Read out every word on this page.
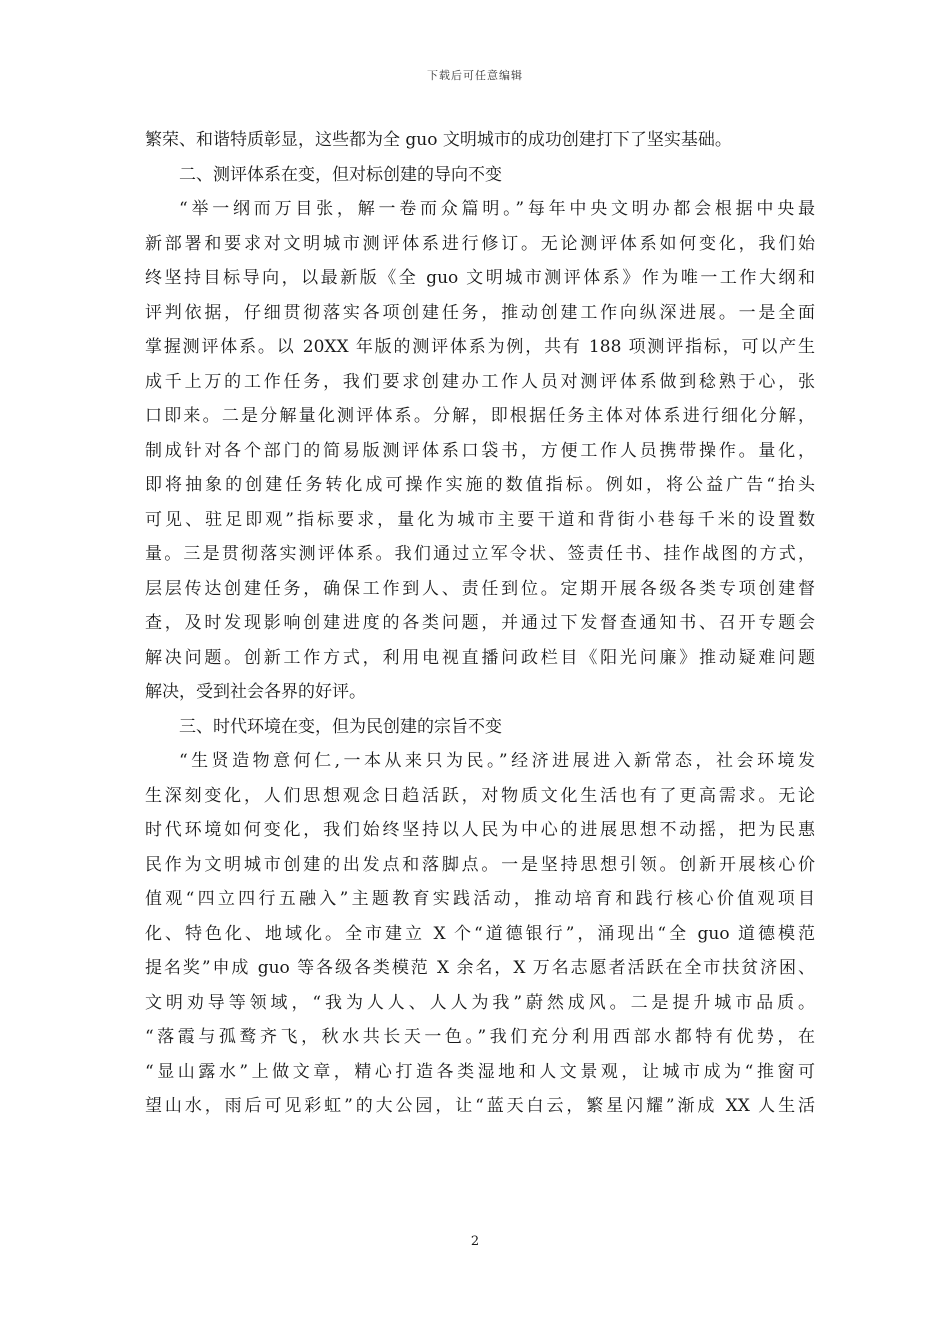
下载后可任意编辑
繁荣、和谐特质彰显，这些都为全 guo 文明城市的成功创建打下了坚实基础。
二、测评体系在变，但对标创建的导向不变
“举一纲而万目张，解一卷而众篇明。”每年中央文明办都会根据中央最
新部署和要求对文明城市测评体系进行修订。无论测评体系如何变化，我们始
终坚持目标导向，以最新版《全 guo 文明城市测评体系》作为唯一工作大纲和
评判依据，仔细贯彻落实各项创建任务，推动创建工作向纵深进展。一是全面
掌握测评体系。以 20XX 年版的测评体系为例，共有 188 项测评指标，可以产生
成千上万的工作任务，我们要求创建办工作人员对测评体系做到稔熟于心，张
口即来。二是分解量化测评体系。分解，即根据任务主体对体系进行细化分解，
制成针对各个部门的简易版测评体系口袋书，方便工作人员携带操作。量化，
即将抽象的创建任务转化成可操作实施的数值指标。例如，将公益广告“抬头
可见、驻足即观”指标要求，量化为城市主要干道和背街小巷每千米的设置数
量。三是贯彻落实测评体系。我们通过立军令状、签责任书、挂作战图的方式，
层层传达创建任务，确保工作到人、责任到位。定期开展各级各类专项创建督
查，及时发现影响创建进度的各类问题，并通过下发督查通知书、召开专题会
解决问题。创新工作方式，利用电视直播问政栏目《阳光问廉》推动疑难问题
解决，受到社会各界的好评。
三、时代环境在变，但为民创建的宗旨不变
“生贤造物意何仁,一本从来只为民。”经济进展进入新常态，社会环境发
生深刻变化，人们思想观念日趋活跃，对物质文化生活也有了更高需求。无论
时代环境如何变化，我们始终坚持以人民为中心的进展思想不动摇，把为民惠
民作为文明城市创建的出发点和落脚点。一是坚持思想引领。创新开展核心价
值观“四立四行五融入”主题教育实践活动，推动培育和践行核心价值观项目
化、特色化、地域化。全市建立 X 个“道德银行”，涌现出“全 guo 道德模范
提名奖”申成 guo 等各级各类模范 X 余名，X 万名志愿者活跃在全市扶贫济困、
文明劝导等领域，“我为人人、人人为我”蔚然成风。二是提升城市品质。
“落霞与孤鹜齐飞，秋水共长天一色。”我们充分利用西部水都特有优势，在
“显山露水”上做文章，精心打造各类湿地和人文景观，让城市成为“推窗可
望山水，雨后可见彩虹”的大公园，让“蓝天白云，繁星闪耀”渐成 XX 人生活
2
